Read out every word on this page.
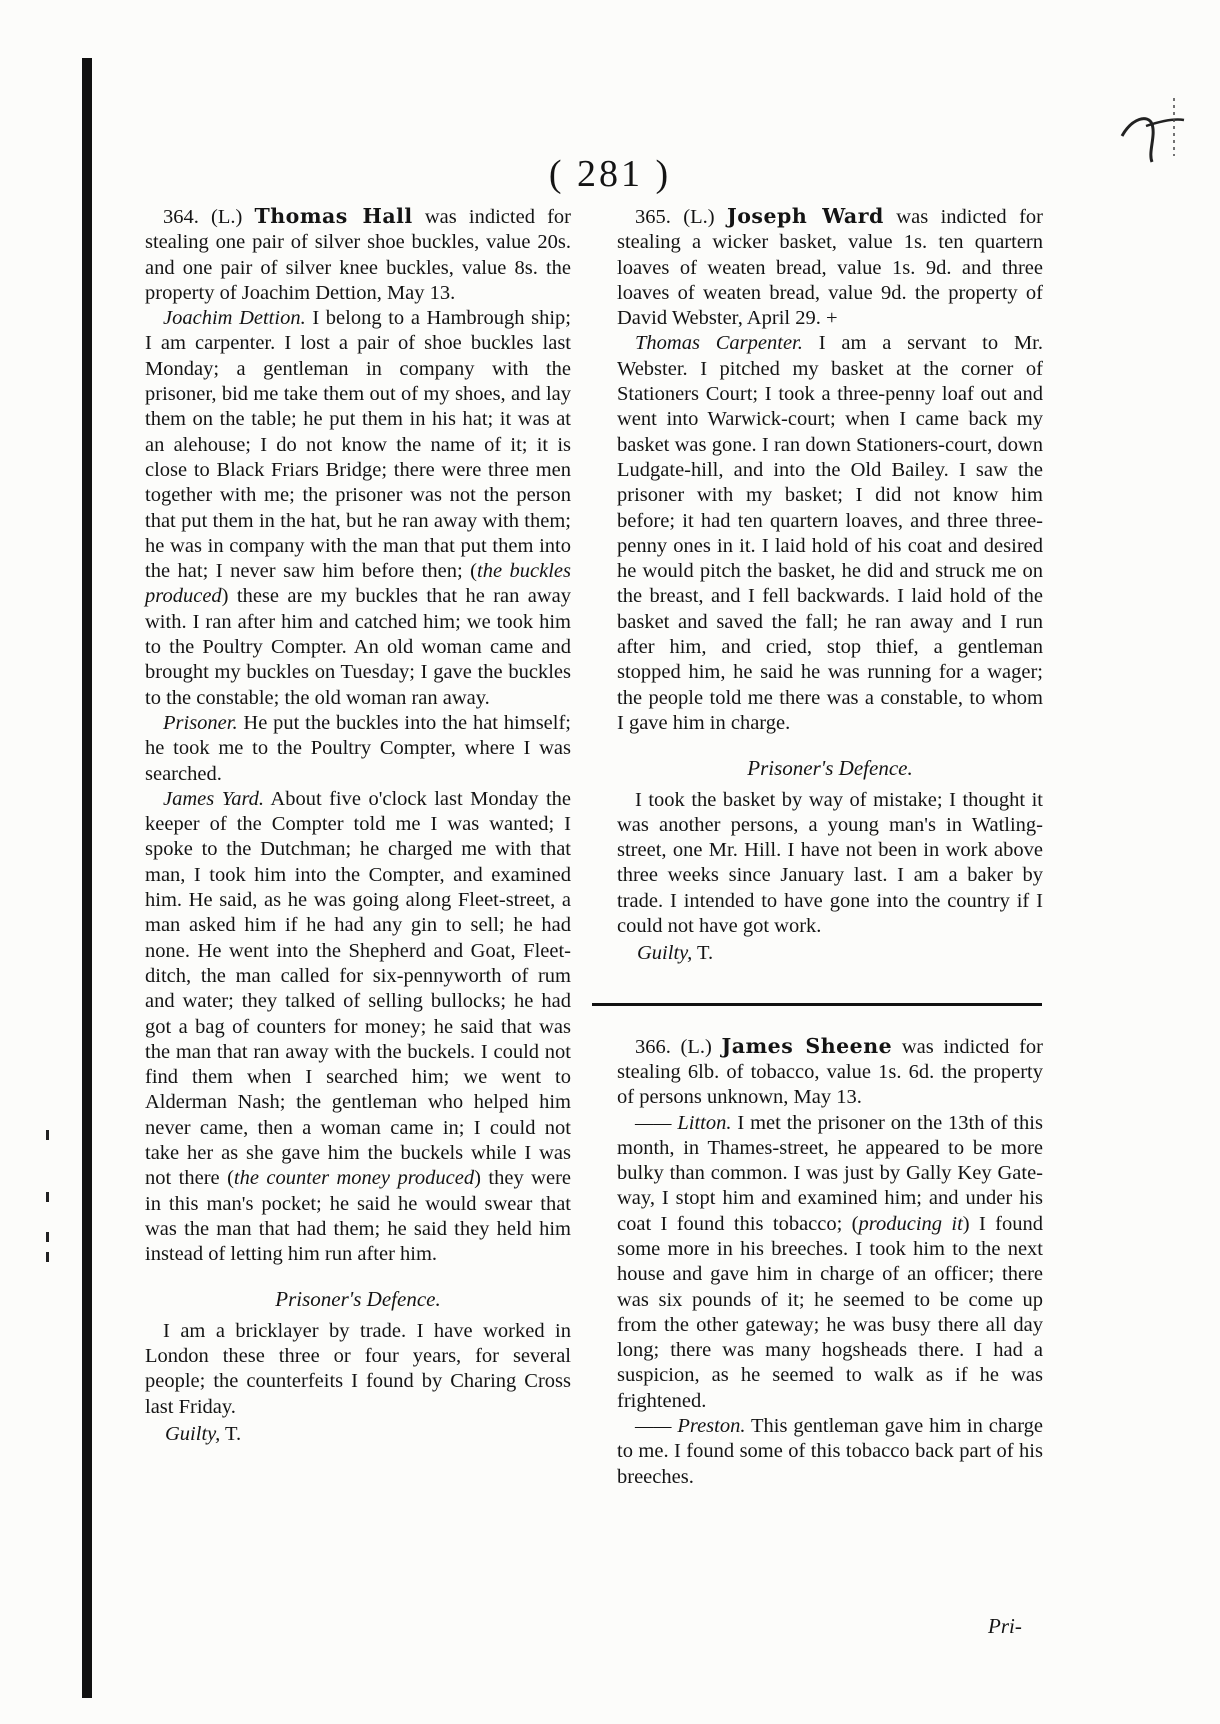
( 281 )

364. (L.) Thomas Hall was indicted for stealing one pair of silver shoe buckles, value 20s. and one pair of silver knee buckles, value 8s. the property of Joachim Dettion, May 13.

Joachim Dettion. I belong to a Hambrough ship; I am carpenter. I lost a pair of shoe buckles last Monday; a gentleman in company with the prisoner, bid me take them out of my shoes, and lay them on the table; he put them in his hat; it was at an alehouse; I do not know the name of it; it is close to Black Friars Bridge; there were three men together with me; the prisoner was not the person that put them in the hat, but he ran away with them; he was in company with the man that put them into the hat; I never saw him before then; (the buckles produced) these are my buckles that he ran away with. I ran after him and catched him; we took him to the Poultry Compter. An old woman came and brought my buckles on Tuesday; I gave the buckles to the constable; the old woman ran away.

Prisoner. He put the buckles into the hat himself; he took me to the Poultry Compter, where I was searched.

James Yard. About five o'clock last Monday the keeper of the Compter told me I was wanted; I spoke to the Dutchman; he charged me with that man, I took him into the Compter, and examined him. He said, as he was going along Fleet-street, a man asked him if he had any gin to sell; he had none. He went into the Shepherd and Goat, Fleet-ditch, the man called for six-pennyworth of rum and water; they talked of selling bullocks; he had got a bag of counters for money; he said that was the man that ran away with the buckels. I could not find them when I searched him; we went to Alderman Nash; the gentleman who helped him never came, then a woman came in; I could not take her as she gave him the buckels while I was not there (the counter money produced) they were in this man's pocket; he said he would swear that was the man that had them; he said they held him instead of letting him run after him.

Prisoner's Defence.

I am a bricklayer by trade. I have worked in London these three or four years, for several people; the counterfeits I found by Charing Cross last Friday.

Guilty, T.

365. (L.) Joseph Ward was indicted for stealing a wicker basket, value 1s. ten quartern loaves of weaten bread, value 1s. 9d. and three loaves of weaten bread, value 9d. the property of David Webster, April 29. +

Thomas Carpenter. I am a servant to Mr. Webster. I pitched my basket at the corner of Stationers Court; I took a three-penny loaf out and went into Warwick-court; when I came back my basket was gone. I ran down Stationers-court, down Ludgate-hill, and into the Old Bailey. I saw the prisoner with my basket; I did not know him before; it had ten quartern loaves, and three three-penny ones in it. I laid hold of his coat and desired he would pitch the basket, he did and struck me on the breast, and I fell backwards. I laid hold of the basket and saved the fall; he ran away and I run after him, and cried, stop thief, a gentleman stopped him, he said he was running for a wager; the people told me there was a constable, to whom I gave him in charge.

Prisoner's Defence.

I took the basket by way of mistake; I thought it was another persons, a young man's in Watling-street, one Mr. Hill. I have not been in work above three weeks since January last. I am a baker by trade. I intended to have gone into the country if I could not have got work.

Guilty, T.

366. (L.) James Sheene was indicted for stealing 6lb. of tobacco, value 1s. 6d. the property of persons unknown, May 13.

—— Litton. I met the prisoner on the 13th of this month, in Thames-street, he appeared to be more bulky than common. I was just by Gally Key Gate-way, I stopt him and examined him; and under his coat I found this tobacco; (producing it) I found some more in his breeches. I took him to the next house and gave him in charge of an officer; there was six pounds of it; he seemed to be come up from the other gateway; he was busy there all day long; there was many hogsheads there. I had a suspicion, as he seemed to walk as if he was frightened.

—— Preston. This gentleman gave him in charge to me. I found some of this tobacco back part of his breeches.

Pri-
